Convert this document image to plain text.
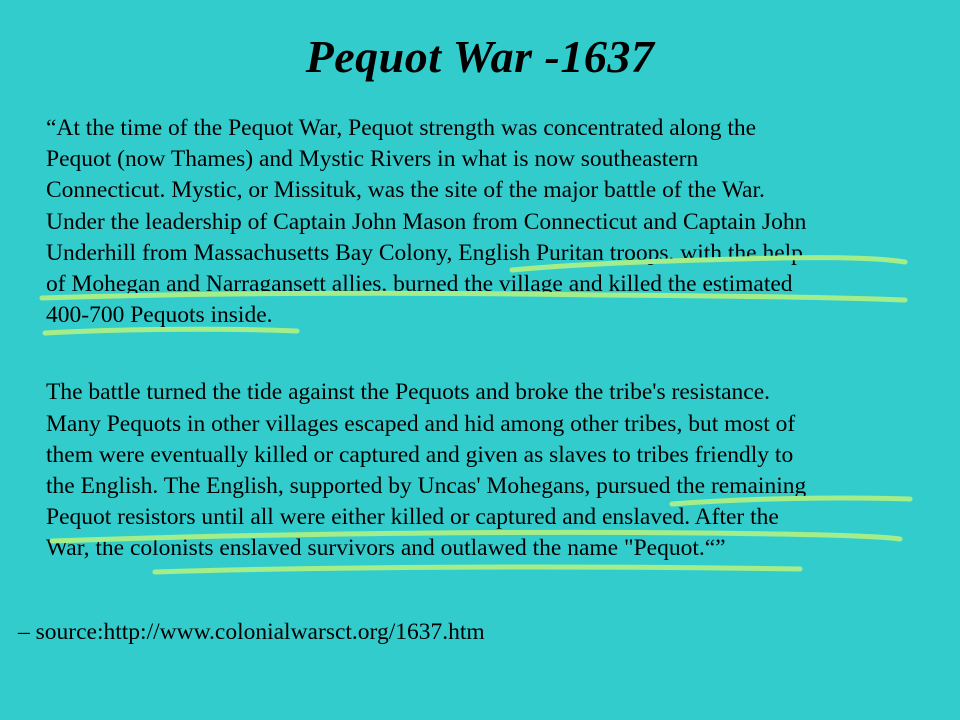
Pequot War -1637

“At the time of the Pequot War, Pequot strength was concentrated along the
Pequot (now Thames) and Mystic Rivers in what is now southeastern
Connecticut. Mystic, or Missituk, was the site of the major battle of the War.
Under the leadership of Captain John Mason from Connecticut and Captain John
Underhill from Massachusetts Bay Colony, English Puritan troops, with the help
of Mohegan and Narragansett allies, burned the village and killed the estimated
400-700 Pequots inside.

The battle turned the tide against the Pequots and broke the tribe's resistance.
Many Pequots in other villages escaped and hid among other tribes, but most of
them were eventually killed or captured and given as slaves to tribes friendly to
the English. The English, supported by Uncas' Mohegans, pursued the remaining
Pequot resistors until all were either killed or captured and enslaved. After the
War, the colonists enslaved survivors and outlawed the name "Pequot.“”

– source:http://www.colonialwarsct.org/1637.htm
